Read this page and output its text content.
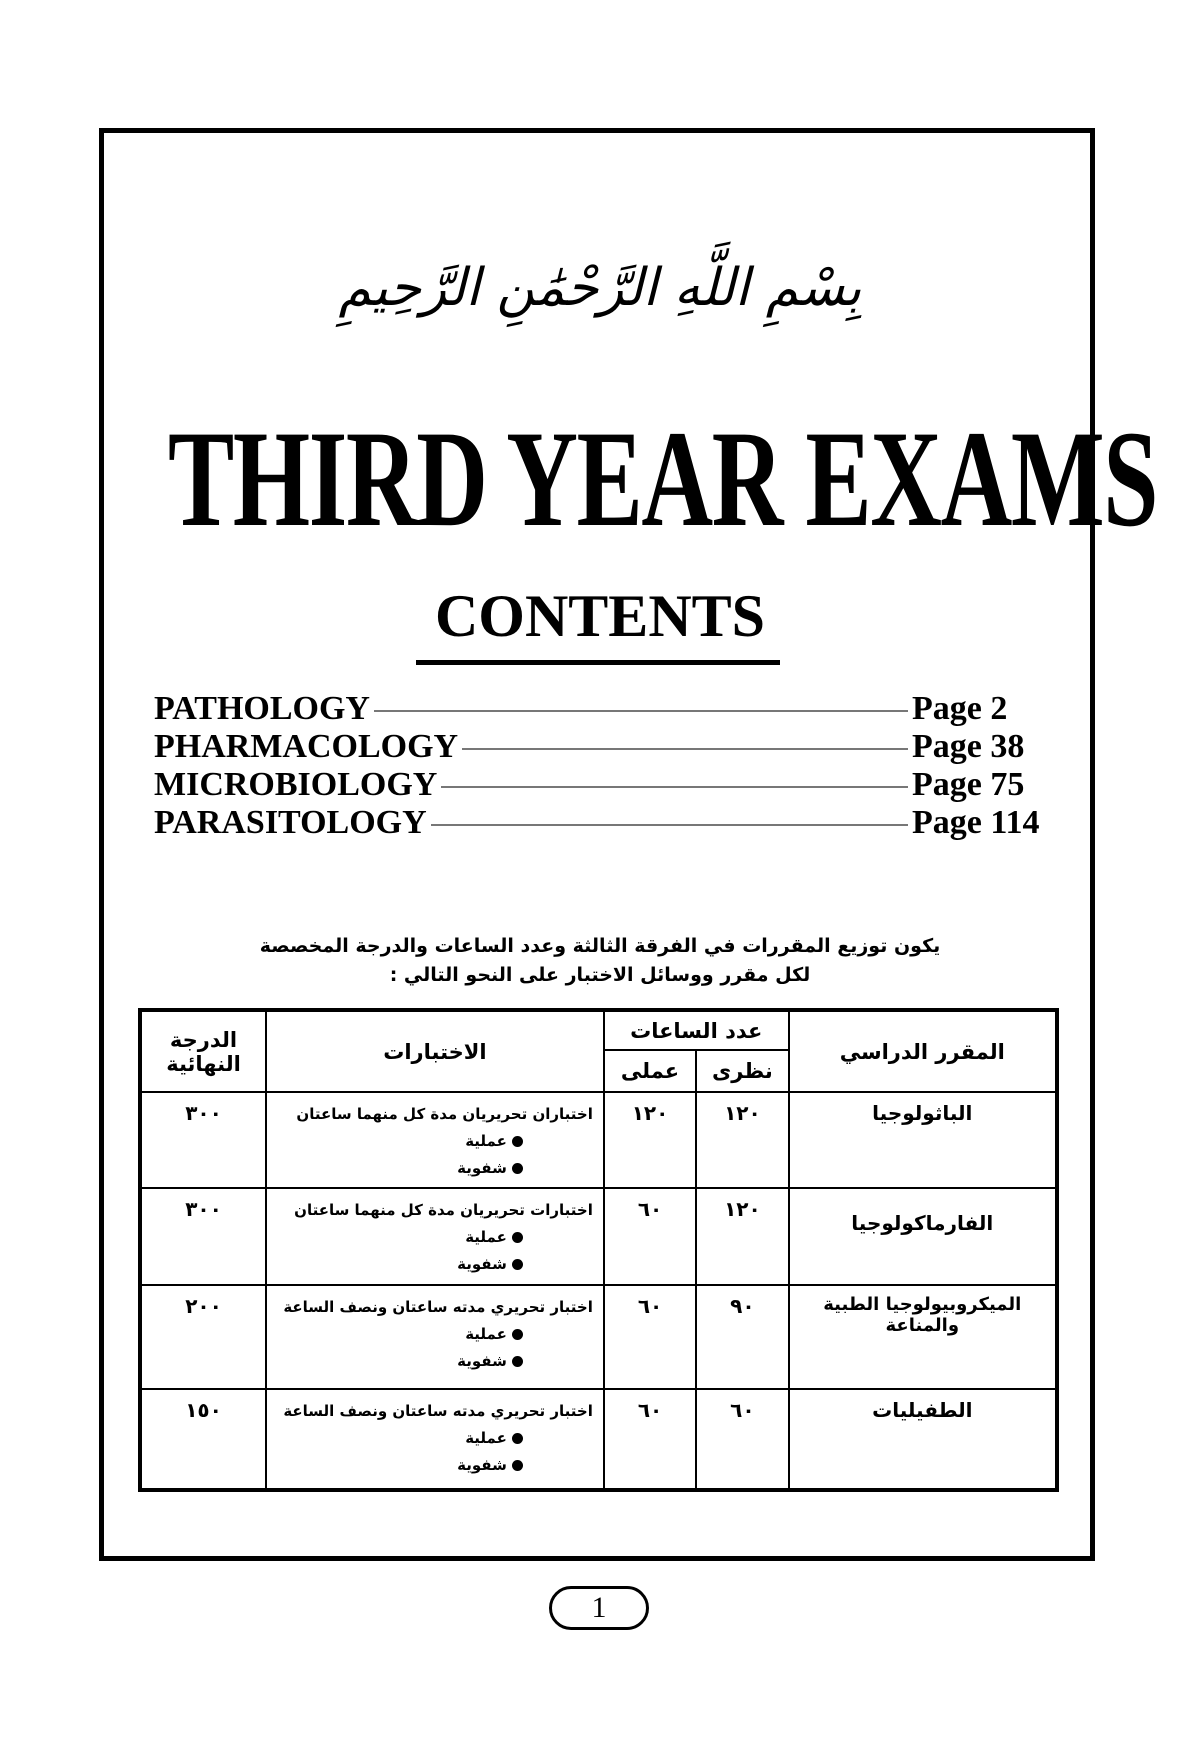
بِسْمِ اللَّهِ الرَّحْمَٰنِ الرَّحِيمِ
THIRD YEAR EXAMS
CONTENTS
PATHOLOGY	Page 2
PHARMACOLOGY	Page 38
MICROBIOLOGY	Page 75
PARASITOLOGY	Page 114
يكون توزيع المقررات في الفرقة الثالثة وعدد الساعات والدرجة المخصصة
لكل مقرر ووسائل الاختبار على النحو التالي :
المقرر الدراسي	عدد الساعات		الاختبارات	الدرجة النهائية
	نظرى	عملى		
الباثولوجيا	١٢٠	١٢٠	اختباران تحريريان مدة كل منهما ساعتان
عملية
شفوية	٣٠٠
الفارماكولوجيا	١٢٠	٦٠	اختبارات تحريريان مدة كل منهما ساعتان
عملية
شفوية	٣٠٠
الميكروبيولوجيا الطبية والمناعة	٩٠	٦٠	اختبار تحريري مدته ساعتان ونصف الساعة
عملية
شفوية	٢٠٠
الطفيليات	٦٠	٦٠	اختبار تحريري مدته ساعتان ونصف الساعة
عملية
شفوية	١٥٠
1
